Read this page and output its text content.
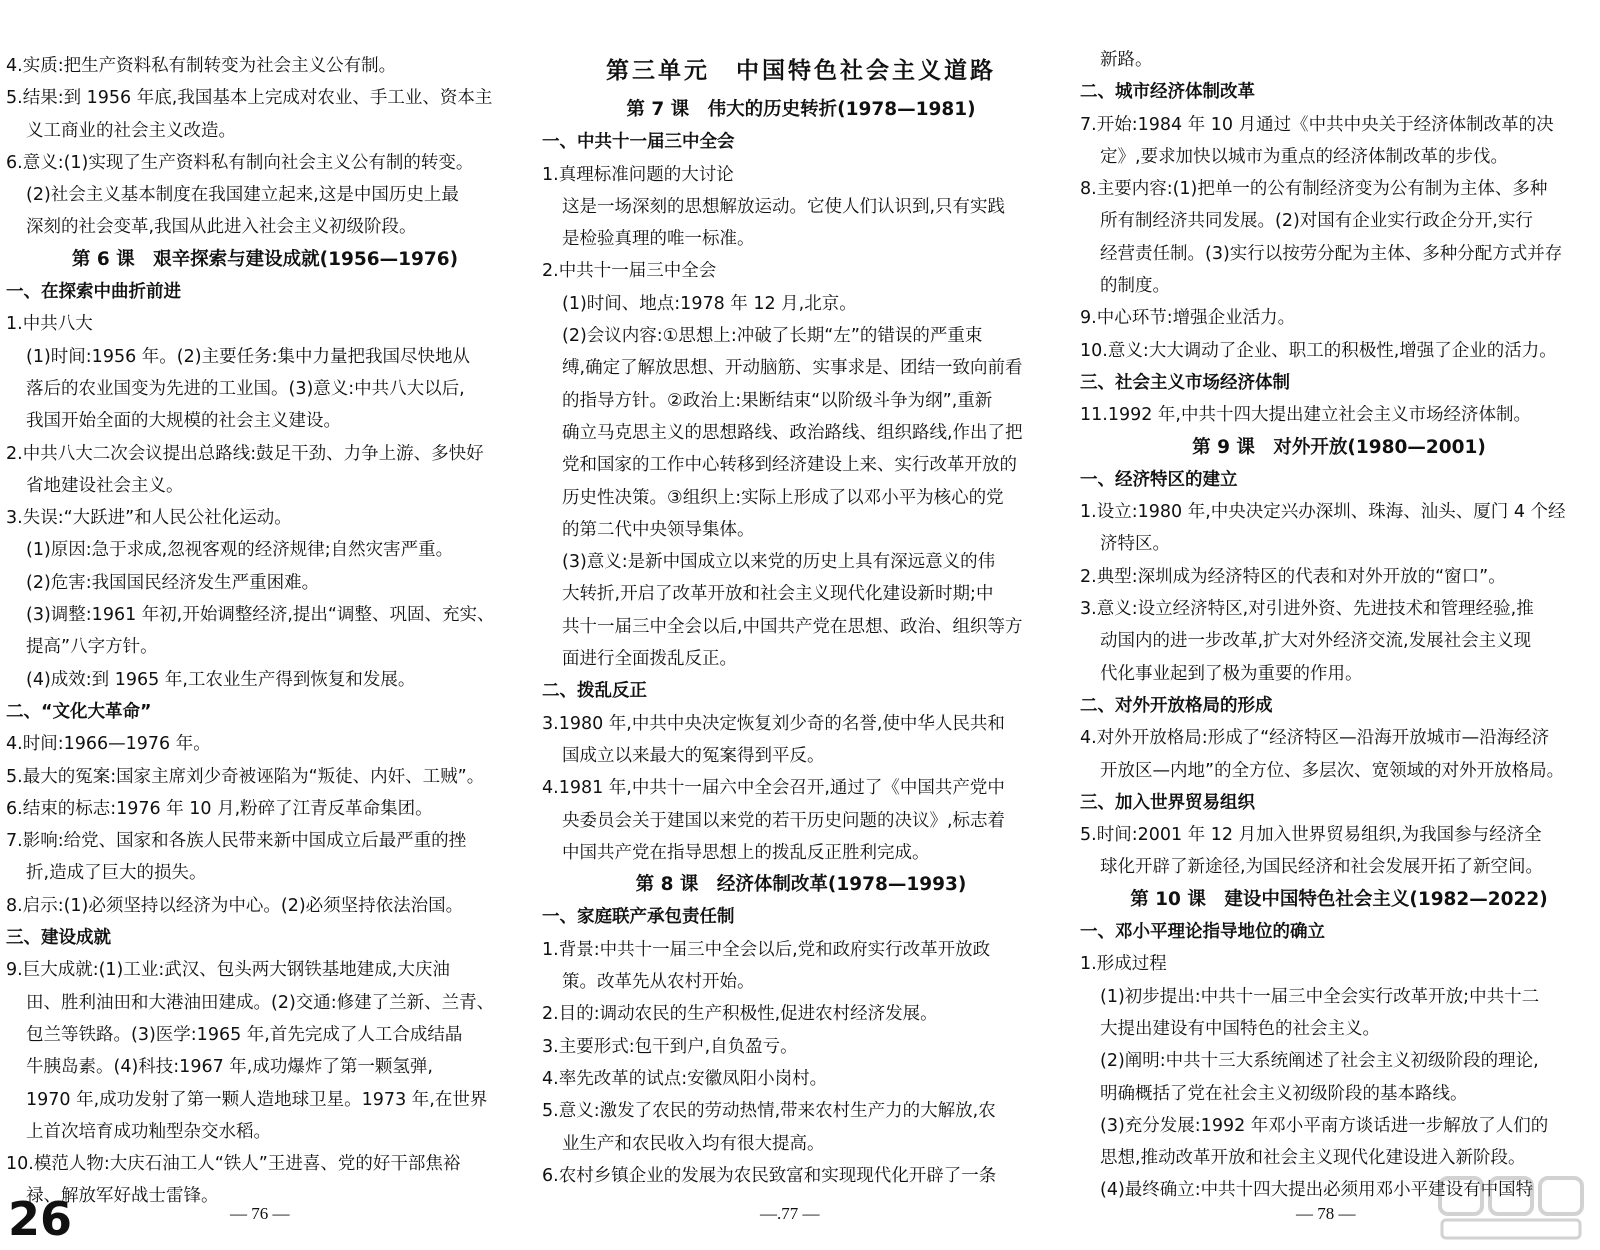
4.实质:把生产资料私有制转变为社会主义公有制。
5.结果:到 1956 年底,我国基本上完成对农业、手工业、资本主
义工商业的社会主义改造。
6.意义:(1)实现了生产资料私有制向社会主义公有制的转变。
(2)社会主义基本制度在我国建立起来,这是中国历史上最
深刻的社会变革,我国从此进入社会主义初级阶段。
第 6 课　艰辛探索与建设成就(1956—1976)
一、在探索中曲折前进
1.中共八大
(1)时间:1956 年。(2)主要任务:集中力量把我国尽快地从
落后的农业国变为先进的工业国。(3)意义:中共八大以后,
我国开始全面的大规模的社会主义建设。
2.中共八大二次会议提出总路线:鼓足干劲、力争上游、多快好
省地建设社会主义。
3.失误:“大跃进”和人民公社化运动。
(1)原因:急于求成,忽视客观的经济规律;自然灾害严重。
(2)危害:我国国民经济发生严重困难。
(3)调整:1961 年初,开始调整经济,提出“调整、巩固、充实、
提高”八字方针。
(4)成效:到 1965 年,工农业生产得到恢复和发展。
二、“文化大革命”
4.时间:1966—1976 年。
5.最大的冤案:国家主席刘少奇被诬陷为“叛徒、内奸、工贼”。
6.结束的标志:1976 年 10 月,粉碎了江青反革命集团。
7.影响:给党、国家和各族人民带来新中国成立后最严重的挫
折,造成了巨大的损失。
8.启示:(1)必须坚持以经济为中心。(2)必须坚持依法治国。
三、建设成就
9.巨大成就:(1)工业:武汉、包头两大钢铁基地建成,大庆油
田、胜利油田和大港油田建成。(2)交通:修建了兰新、兰青、
包兰等铁路。(3)医学:1965 年,首先完成了人工合成结晶
牛胰岛素。(4)科技:1967 年,成功爆炸了第一颗氢弹,
1970 年,成功发射了第一颗人造地球卫星。1973 年,在世界
上首次培育成功籼型杂交水稻。
10.模范人物:大庆石油工人“铁人”王进喜、党的好干部焦裕
禄、解放军好战士雷锋。
第三单元　中国特色社会主义道路
第 7 课　伟大的历史转折(1978—1981)
一、中共十一届三中全会
1.真理标准问题的大讨论
这是一场深刻的思想解放运动。它使人们认识到,只有实践
是检验真理的唯一标准。
2.中共十一届三中全会
(1)时间、地点:1978 年 12 月,北京。
(2)会议内容:①思想上:冲破了长期“左”的错误的严重束
缚,确定了解放思想、开动脑筋、实事求是、团结一致向前看
的指导方针。②政治上:果断结束“以阶级斗争为纲”,重新
确立马克思主义的思想路线、政治路线、组织路线,作出了把
党和国家的工作中心转移到经济建设上来、实行改革开放的
历史性决策。③组织上:实际上形成了以邓小平为核心的党
的第二代中央领导集体。
(3)意义:是新中国成立以来党的历史上具有深远意义的伟
大转折,开启了改革开放和社会主义现代化建设新时期;中
共十一届三中全会以后,中国共产党在思想、政治、组织等方
面进行全面拨乱反正。
二、拨乱反正
3.1980 年,中共中央决定恢复刘少奇的名誉,使中华人民共和
国成立以来最大的冤案得到平反。
4.1981 年,中共十一届六中全会召开,通过了《中国共产党中
央委员会关于建国以来党的若干历史问题的决议》,标志着
中国共产党在指导思想上的拨乱反正胜利完成。
第 8 课　经济体制改革(1978—1993)
一、家庭联产承包责任制
1.背景:中共十一届三中全会以后,党和政府实行改革开放政
策。改革先从农村开始。
2.目的:调动农民的生产积极性,促进农村经济发展。
3.主要形式:包干到户,自负盈亏。
4.率先改革的试点:安徽凤阳小岗村。
5.意义:激发了农民的劳动热情,带来农村生产力的大解放,农
业生产和农民收入均有很大提高。
6.农村乡镇企业的发展为农民致富和实现现代化开辟了一条
新路。
二、城市经济体制改革
7.开始:1984 年 10 月通过《中共中央关于经济体制改革的决
定》,要求加快以城市为重点的经济体制改革的步伐。
8.主要内容:(1)把单一的公有制经济变为公有制为主体、多种
所有制经济共同发展。(2)对国有企业实行政企分开,实行
经营责任制。(3)实行以按劳分配为主体、多种分配方式并存
的制度。
9.中心环节:增强企业活力。
10.意义:大大调动了企业、职工的积极性,增强了企业的活力。
三、社会主义市场经济体制
11.1992 年,中共十四大提出建立社会主义市场经济体制。
第 9 课　对外开放(1980—2001)
一、经济特区的建立
1.设立:1980 年,中央决定兴办深圳、珠海、汕头、厦门 4 个经
济特区。
2.典型:深圳成为经济特区的代表和对外开放的“窗口”。
3.意义:设立经济特区,对引进外资、先进技术和管理经验,推
动国内的进一步改革,扩大对外经济交流,发展社会主义现
代化事业起到了极为重要的作用。
二、对外开放格局的形成
4.对外开放格局:形成了“经济特区—沿海开放城市—沿海经济
开放区—内地”的全方位、多层次、宽领域的对外开放格局。
三、加入世界贸易组织
5.时间:2001 年 12 月加入世界贸易组织,为我国参与经济全
球化开辟了新途径,为国民经济和社会发展开拓了新空间。
第 10 课　建设中国特色社会主义(1982—2022)
一、邓小平理论指导地位的确立
1.形成过程
(1)初步提出:中共十一届三中全会实行改革开放;中共十二
大提出建设有中国特色的社会主义。
(2)阐明:中共十三大系统阐述了社会主义初级阶段的理论,
明确概括了党在社会主义初级阶段的基本路线。
(3)充分发展:1992 年邓小平南方谈话进一步解放了人们的
思想,推动改革开放和社会主义现代化建设进入新阶段。
(4)最终确立:中共十四大提出必须用邓小平建设有中国特
26	— 76 —	—.77 —	— 78 —
